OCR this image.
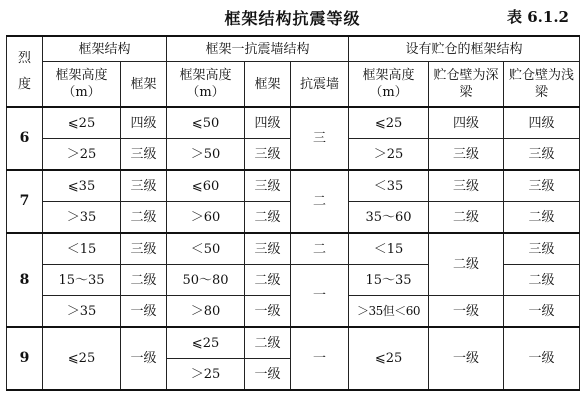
框架结构抗震等级	表 6.1.2
烈
度	框架结构		框架一抗震墙结构			设有贮仓的框架结构		
	框架高度（m）	框架	框架高度（m）	框架	抗震墙	框架高度（m）	贮仓壁为深梁	贮仓壁为浅梁
6	⩽25	四级	⩽50	四级	三	⩽25	四级	四级
	＞25	三级	＞50	三级		＞25	三级	三级
7	⩽35	三级	⩽60	三级	二	＜35	三级	三级
	＞35	二级	＞60	二级		35～60	二级	二级
8	＜15	三级	＜50	三级	二	＜15	二级	三级
	15～35	二级	50～80	二级	一	15～35		二级
	＞35	一级	＞80	一级		＞35但＜60	一级	一级
9	⩽25	一级	⩽25	二级	一	⩽25	一级	一级
			＞25	一级				
